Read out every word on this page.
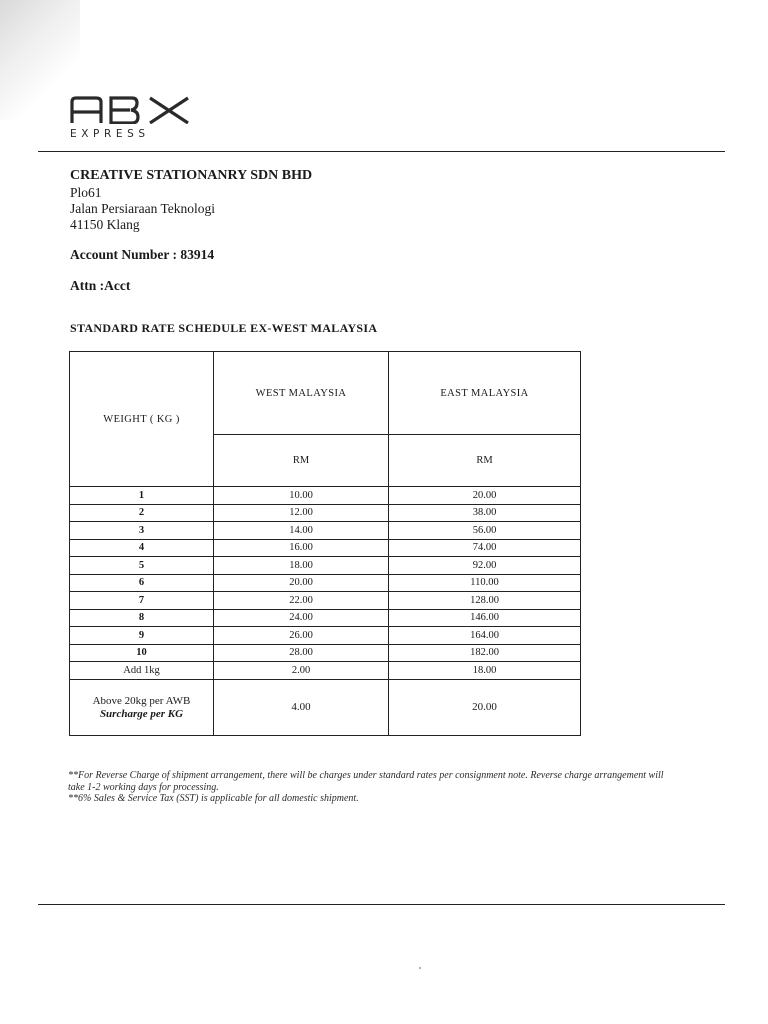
EXPRESS
CREATIVE STATIONANRY SDN BHD
Plo61
Jalan Persiaraan Teknologi
41150 Klang
Account Number : 83914
Attn :Acct
STANDARD RATE SCHEDULE EX-WEST MALAYSIA
WEIGHT ( KG )	WEST MALAYSIA	EAST MALAYSIA
	RM	RM
1	10.00	20.00
2	12.00	38.00
3	14.00	56.00
4	16.00	74.00
5	18.00	92.00
6	20.00	110.00
7	22.00	128.00
8	24.00	146.00
9	26.00	164.00
10	28.00	182.00
Add 1kg	2.00	18.00

Above 20kg per AWB
Surcharge per KG	4.00	20.00
**For Reverse Charge of shipment arrangement, there will be charges under standard rates per consignment note. Reverse charge arrangement will take 1-2 working days for processing.
**6% Sales & Service Tax (SST) is applicable for all domestic shipment.
